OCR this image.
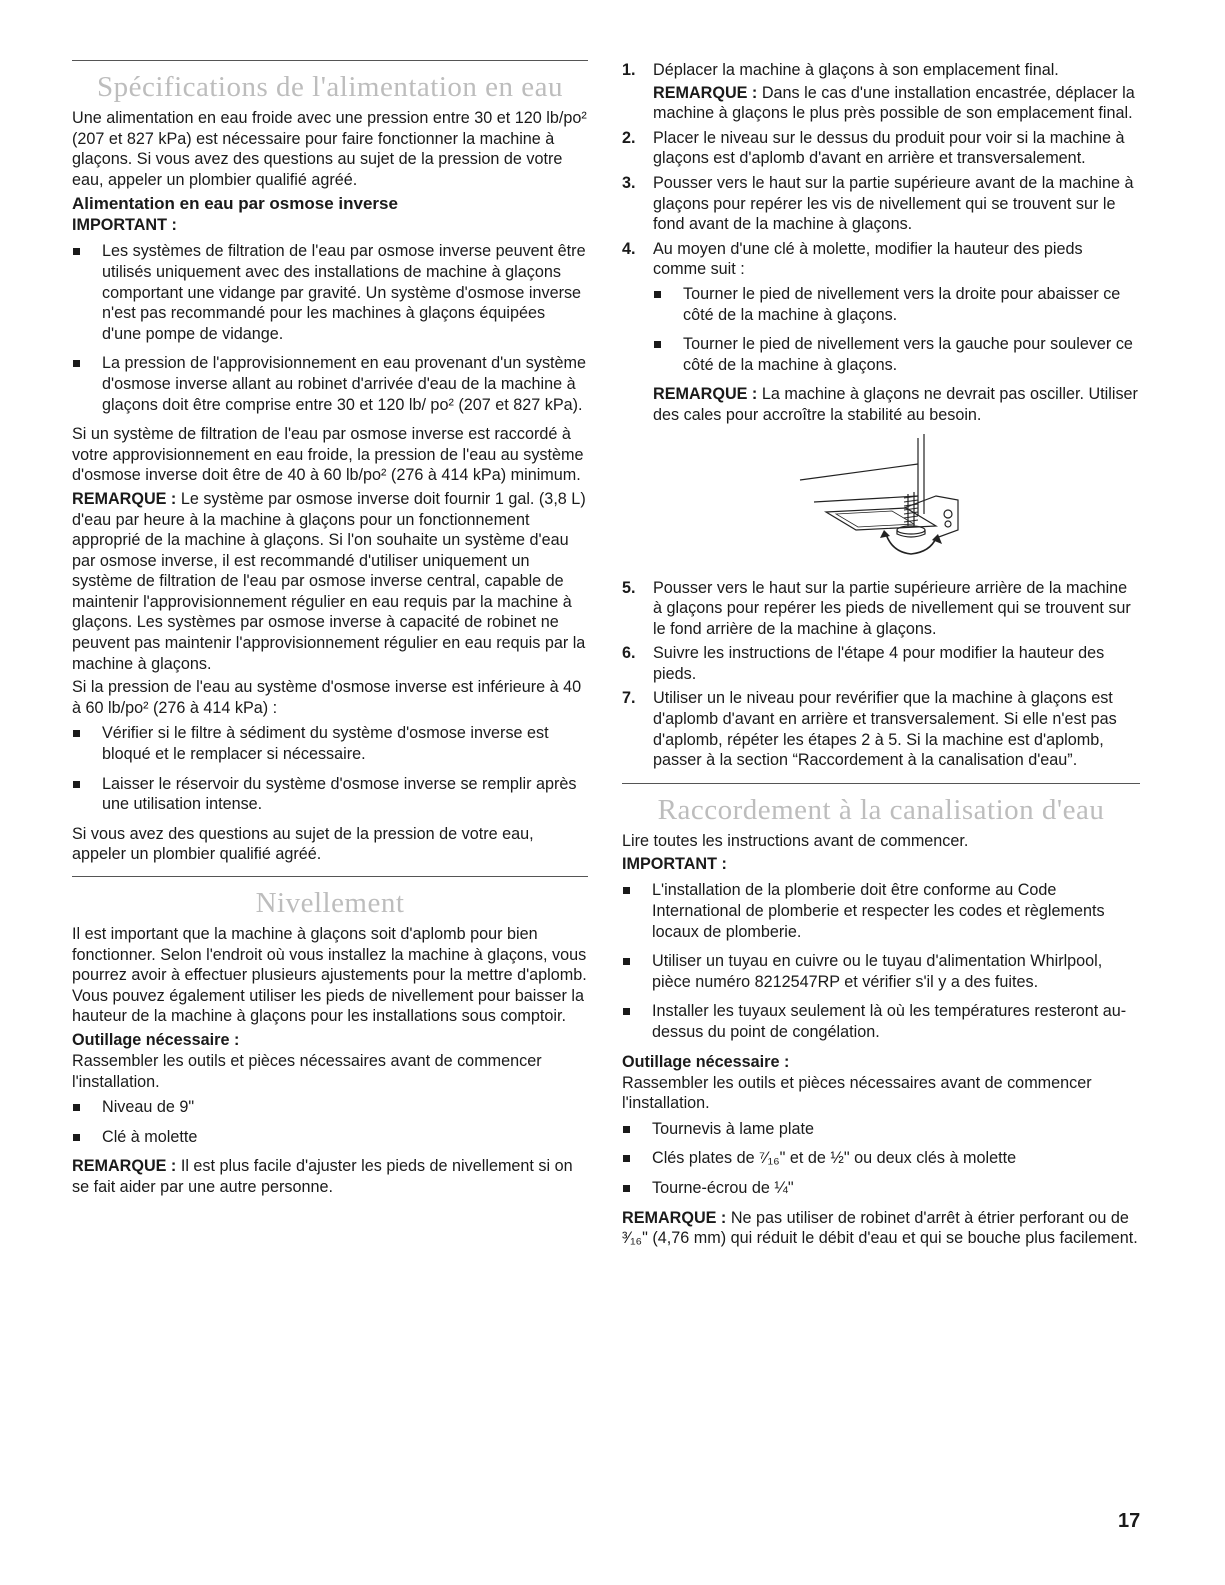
Spécifications de l'alimentation en eau

Une alimentation en eau froide avec une pression entre 30 et 120 lb/po² (207 et 827 kPa) est nécessaire pour faire fonctionner la machine à glaçons. Si vous avez des questions au sujet de la pression de votre eau, appeler un plombier qualifié agréé.

Alimentation en eau par osmose inverse
IMPORTANT :
Les systèmes de filtration de l'eau par osmose inverse peuvent être utilisés uniquement avec des installations de machine à glaçons comportant une vidange par gravité. Un système d'osmose inverse n'est pas recommandé pour les machines à glaçons équipées d'une pompe de vidange.
La pression de l'approvisionnement en eau provenant d'un système d'osmose inverse allant au robinet d'arrivée d'eau de la machine à glaçons doit être comprise entre 30 et 120 lb/ po² (207 et 827 kPa).

Si un système de filtration de l'eau par osmose inverse est raccordé à votre approvisionnement en eau froide, la pression de l'eau au système d'osmose inverse doit être de 40 à 60 lb/po² (276 à 414 kPa) minimum.

REMARQUE : Le système par osmose inverse doit fournir 1 gal. (3,8 L) d'eau par heure à la machine à glaçons pour un fonctionnement approprié de la machine à glaçons. Si l'on souhaite un système d'eau par osmose inverse, il est recommandé d'utiliser uniquement un système de filtration de l'eau par osmose inverse central, capable de maintenir l'approvisionnement régulier en eau requis par la machine à glaçons. Les systèmes par osmose inverse à capacité de robinet ne peuvent pas maintenir l'approvisionnement régulier en eau requis par la machine à glaçons.

Si la pression de l'eau au système d'osmose inverse est inférieure à 40 à 60 lb/po² (276 à 414 kPa) :

Vérifier si le filtre à sédiment du système d'osmose inverse est bloqué et le remplacer si nécessaire.
Laisser le réservoir du système d'osmose inverse se remplir après une utilisation intense.

Si vous avez des questions au sujet de la pression de votre eau, appeler un plombier qualifié agréé.

Nivellement

Il est important que la machine à glaçons soit d'aplomb pour bien fonctionner. Selon l'endroit où vous installez la machine à glaçons, vous pourrez avoir à effectuer plusieurs ajustements pour la mettre d'aplomb. Vous pouvez également utiliser les pieds de nivellement pour baisser la hauteur de la machine à glaçons pour les installations sous comptoir.

Outillage nécessaire :

Rassembler les outils et pièces nécessaires avant de commencer l'installation.

Niveau de 9"
Clé à molette

REMARQUE : Il est plus facile d'ajuster les pieds de nivellement si on se fait aider par une autre personne.

1. Déplacer la machine à glaçons à son emplacement final.

REMARQUE : Dans le cas d'une installation encastrée, déplacer la machine à glaçons le plus près possible de son emplacement final.

2. Placer le niveau sur le dessus du produit pour voir si la machine à glaçons est d'aplomb d'avant en arrière et transversalement.
3. Pousser vers le haut sur la partie supérieure avant de la machine à glaçons pour repérer les vis de nivellement qui se trouvent sur le fond avant de la machine à glaçons.
4. Au moyen d'une clé à molette, modifier la hauteur des pieds comme suit :
Tourner le pied de nivellement vers la droite pour abaisser ce côté de la machine à glaçons.
Tourner le pied de nivellement vers la gauche pour soulever ce côté de la machine à glaçons.

REMARQUE : La machine à glaçons ne devrait pas osciller. Utiliser des cales pour accroître la stabilité au besoin.

5. Pousser vers le haut sur la partie supérieure arrière de la machine à glaçons pour repérer les pieds de nivellement qui se trouvent sur le fond arrière de la machine à glaçons.
6. Suivre les instructions de l'étape 4 pour modifier la hauteur des pieds.
7. Utiliser un le niveau pour revérifier que la machine à glaçons est d'aplomb d'avant en arrière et transversalement. Si elle n'est pas d'aplomb, répéter les étapes 2 à 5. Si la machine est d'aplomb, passer à la section “Raccordement à la canalisation d'eau”.
Raccordement à la canalisation d'eau

Lire toutes les instructions avant de commencer.

IMPORTANT :
L'installation de la plomberie doit être conforme au Code International de plomberie et respecter les codes et règlements locaux de plomberie.
Utiliser un tuyau en cuivre ou le tuyau d'alimentation Whirlpool, pièce numéro 8212547RP et vérifier s'il y a des fuites.
Installer les tuyaux seulement là où les températures resteront au-dessus du point de congélation.
Outillage nécessaire :

Rassembler les outils et pièces nécessaires avant de commencer l'installation.

Tournevis à lame plate
Clés plates de ⁷⁄₁₆" et de ½" ou deux clés à molette
Tourne-écrou de ¼"

REMARQUE : Ne pas utiliser de robinet d'arrêt à étrier perforant ou de ³⁄₁₆" (4,76 mm) qui réduit le débit d'eau et qui se bouche plus facilement.

17
